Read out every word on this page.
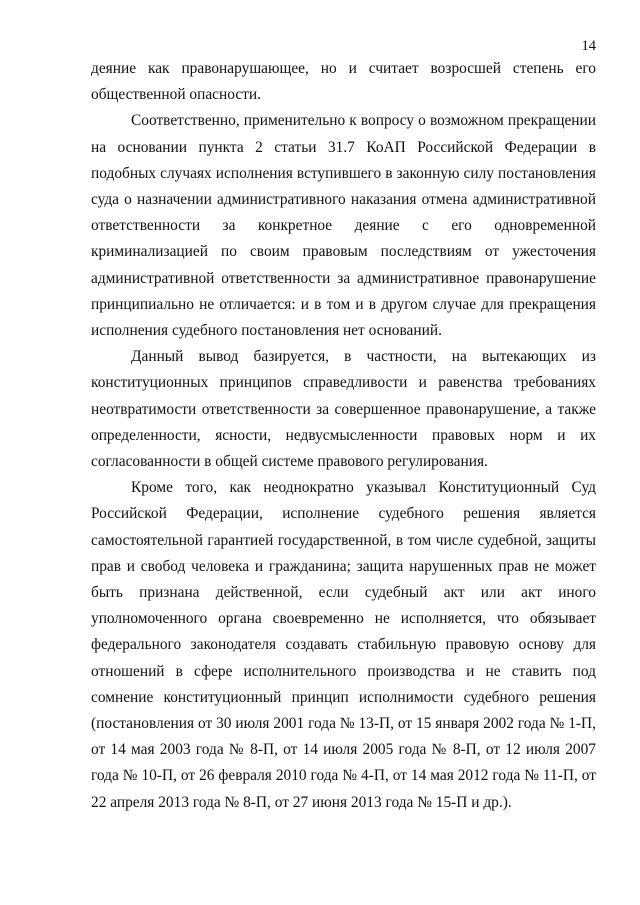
14

деяние как правонарушающее, но и считает возросшей степень его общественной опасности.

Соответственно, применительно к вопросу о возможном прекращении на основании пункта 2 статьи 31.7 КоАП Российской Федерации в подобных случаях исполнения вступившего в законную силу постановления суда о назначении административного наказания отмена административной ответственности за конкретное деяние с его одновременной криминализацией по своим правовым последствиям от ужесточения административной ответственности за административное правонарушение принципиально не отличается: и в том и в другом случае для прекращения исполнения судебного постановления нет оснований.

Данный вывод базируется, в частности, на вытекающих из конституционных принципов справедливости и равенства требованиях неотвратимости ответственности за совершенное правонарушение, а также определенности, ясности, недвусмысленности правовых норм и их согласованности в общей системе правового регулирования.

Кроме того, как неоднократно указывал Конституционный Суд Российской Федерации, исполнение судебного решения является самостоятельной гарантией государственной, в том числе судебной, защиты прав и свобод человека и гражданина; защита нарушенных прав не может быть признана действенной, если судебный акт или акт иного уполномоченного органа своевременно не исполняется, что обязывает федерального законодателя создавать стабильную правовую основу для отношений в сфере исполнительного производства и не ставить под сомнение конституционный принцип исполнимости судебного решения (постановления от 30 июля 2001 года № 13-П, от 15 января 2002 года № 1-П, от 14 мая 2003 года № 8-П, от 14 июля 2005 года № 8-П, от 12 июля 2007 года № 10-П, от 26 февраля 2010 года № 4-П, от 14 мая 2012 года № 11-П, от 22 апреля 2013 года № 8-П, от 27 июня 2013 года № 15-П и др.).
